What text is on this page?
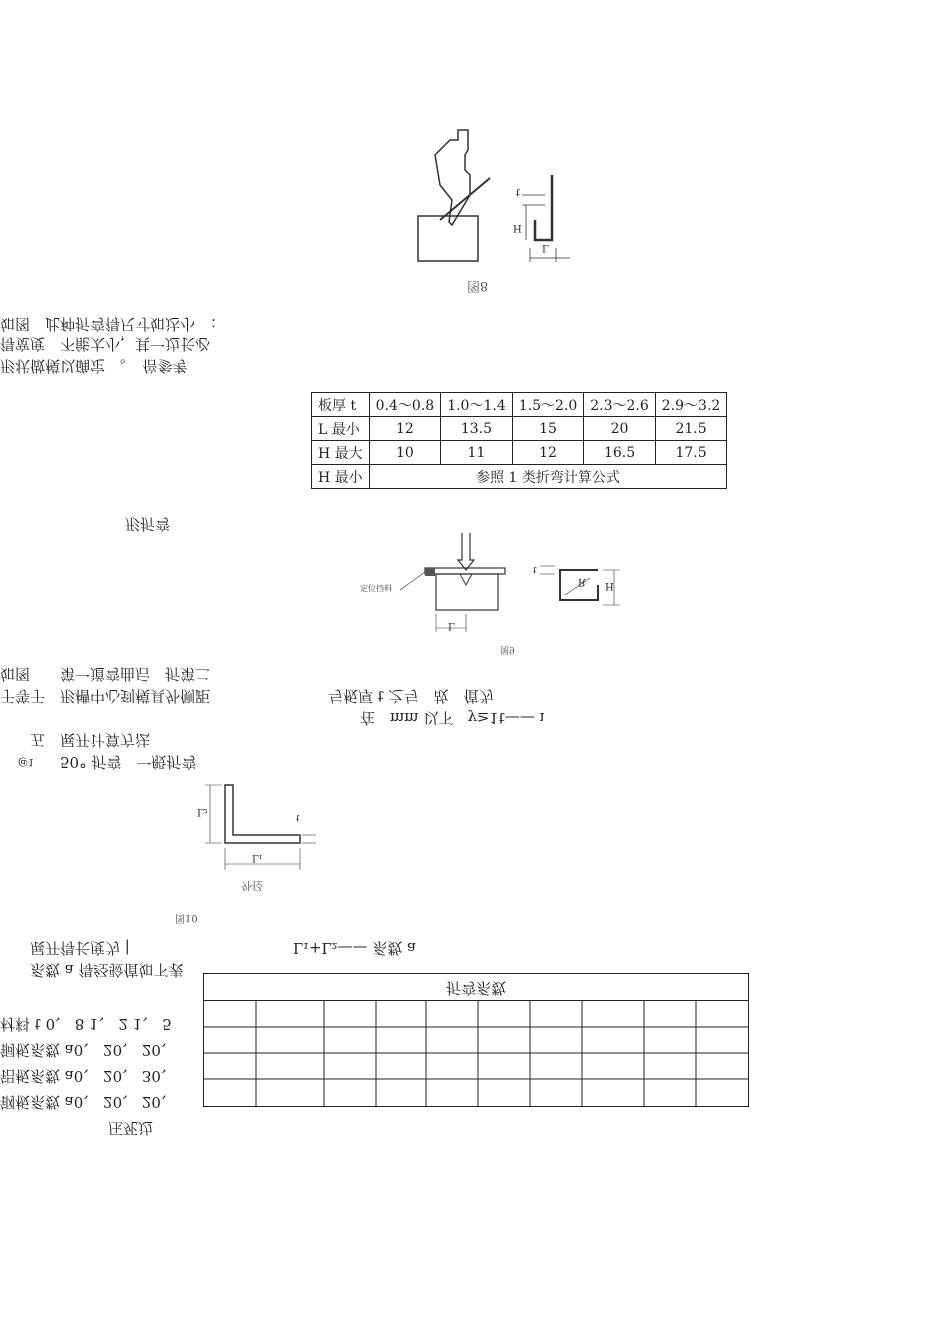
t
H
L
图8
如图　此种折弯得尺寸如达小　：
得宽度　不能太小，其一边长必
形状做模以确定　。　倍参考
板厚 t	0.4～0.8	1.0～1.4	1.5～2.0	2.3～2.6	2.9～3.2
L 最小	12	13.5	15	20	21.5
H 最大	10	11	12	16.5	17.5
H 最小	参照 1 类折弯计算公式				
形折弯
定位挡料
L
H
R
t
图9
如图　　第一道弯曲后　折第二
于等于　形槽中心到模具外侧距	与板厚 t 之与　故　值为
在　mm 以下　y≥1t—— ı
五　展开计算方法
@1 50° 折弯　一般折弯
L₂
L₁
t
外径
图10
展开得长度为 |	L₁+L₂—— 系数 a
系数 a 得经验值如下表
折弯系数
材料 t 0、 8 1、 2 1、 5
铜板系数 a0、 20、 20、
铝板系数 a0、 20、 30、
钢板系数 a0、 20、 20、
压死边
